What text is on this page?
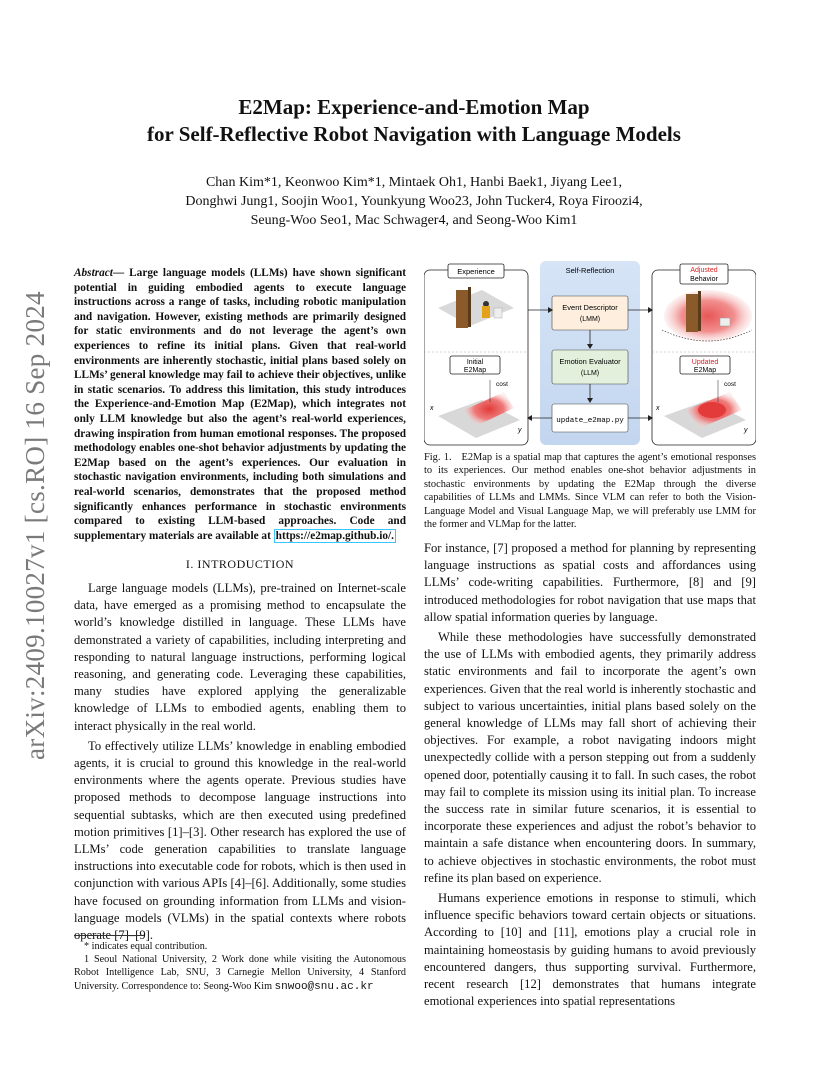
arXiv:2409.10027v1 [cs.RO] 16 Sep 2024
E2Map: Experience-and-Emotion Map
for Self-Reflective Robot Navigation with Language Models
Chan Kim*1, Keonwoo Kim*1, Mintaek Oh1, Hanbi Baek1, Jiyang Lee1,
Donghwi Jung1, Soojin Woo1, Younkyung Woo23, John Tucker4, Roya Firoozi4,
Seung-Woo Seo1, Mac Schwager4, and Seong-Woo Kim1
Abstract— Large language models (LLMs) have shown significant potential in guiding embodied agents to execute language instructions across a range of tasks, including robotic manipulation and navigation. However, existing methods are primarily designed for static environments and do not leverage the agent’s own experiences to refine its initial plans. Given that real-world environments are inherently stochastic, initial plans based solely on LLMs’ general knowledge may fail to achieve their objectives, unlike in static scenarios. To address this limitation, this study introduces the Experience-and-Emotion Map (E2Map), which integrates not only LLM knowledge but also the agent’s real-world experiences, drawing inspiration from human emotional responses. The proposed methodology enables one-shot behavior adjustments by updating the E2Map based on the agent’s experiences. Our evaluation in stochastic navigation environments, including both simulations and real-world scenarios, demonstrates that the proposed method significantly enhances performance in stochastic environments compared to existing LLM-based approaches. Code and supplementary materials are available at https://e2map.github.io/.
I. INTRODUCTION

Large language models (LLMs), pre-trained on Internet-scale data, have emerged as a promising method to encapsulate the world’s knowledge distilled in language. These LLMs have demonstrated a variety of capabilities, including interpreting and responding to natural language instructions, performing logical reasoning, and generating code. Leveraging these capabilities, many studies have explored applying the generalizable knowledge of LLMs to embodied agents, enabling them to interact physically in the real world.

To effectively utilize LLMs’ knowledge in enabling embodied agents, it is crucial to ground this knowledge in the real-world environments where the agents operate. Previous studies have proposed methods to decompose language instructions into sequential subtasks, which are then executed using predefined motion primitives [1]–[3]. Other research has explored the use of LLMs’ code generation capabilities to translate language instructions into executable code for robots, which is then used in conjunction with various APIs [4]–[6]. Additionally, some studies have focused on grounding information from LLMs and vision-language models (VLMs) in the spatial contexts where robots operate [7]–[9].

* indicates equal contribution.
1 Seoul National University, 2 Work done while visiting the Autonomous Robot Intelligence Lab, SNU, 3 Carnegie Mellon University, 4 Stanford University. Correspondence to: Seong-Woo Kim snwoo@snu.ac.kr
Experience	Self-Reflection
Event Descriptor
(LMM)
Emotion Evaluator
(LLM)
update_e2map.py
Initial
E2Map
cost
x
y
Adjusted
Behavior
Updated
E2Map
cost
x
y
Fig. 1. E2Map is a spatial map that captures the agent’s emotional responses to its experiences. Our method enables one-shot behavior adjustments in stochastic environments by updating the E2Map through the diverse capabilities of LLMs and LMMs. Since VLM can refer to both the Vision-Language Model and Visual Language Map, we will preferably use LMM for the former and VLMap for the latter.

For instance, [7] proposed a method for planning by representing language instructions as spatial costs and affordances using LLMs’ code-writing capabilities. Furthermore, [8] and [9] introduced methodologies for robot navigation that use maps that allow spatial information queries by language.

While these methodologies have successfully demonstrated the use of LLMs with embodied agents, they primarily address static environments and fail to incorporate the agent’s own experiences. Given that the real world is inherently stochastic and subject to various uncertainties, initial plans based solely on the general knowledge of LLMs may fall short of achieving their objectives. For example, a robot navigating indoors might unexpectedly collide with a person stepping out from a suddenly opened door, potentially causing it to fall. In such cases, the robot may fail to complete its mission using its initial plan. To increase the success rate in similar future scenarios, it is essential to incorporate these experiences and adjust the robot’s behavior to maintain a safe distance when encountering doors. In summary, to achieve objectives in stochastic environments, the robot must refine its plan based on experience.

Humans experience emotions in response to stimuli, which influence specific behaviors toward certain objects or situations. According to [10] and [11], emotions play a crucial role in maintaining homeostasis by guiding humans to avoid previously encountered dangers, thus supporting survival. Furthermore, recent research [12] demonstrates that humans integrate emotional experiences into spatial representations
